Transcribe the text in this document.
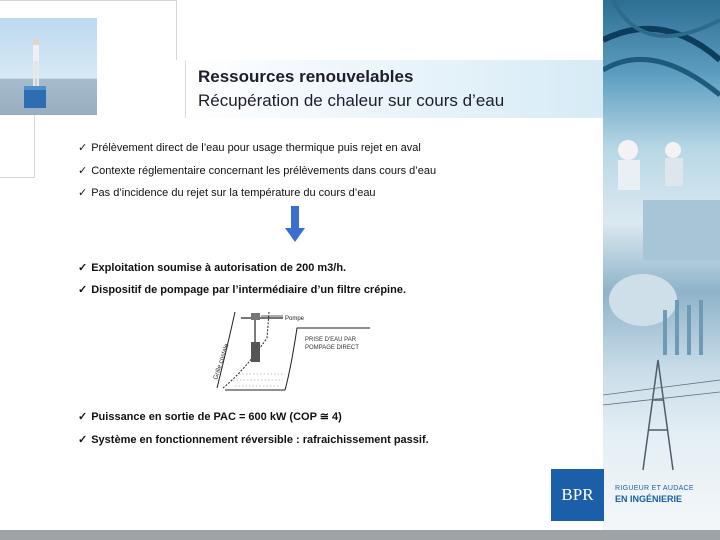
Ressources renouvelables
Récupération de chaleur sur cours d’eau
✓ Prélèvement direct de l’eau pour usage thermique puis rejet en aval
✓ Contexte réglementaire concernant les prélèvements dans cours d’eau
✓ Pas d’incidence du rejet sur la température du cours d’eau
✓ Exploitation soumise à autorisation de 200 m3/h.
✓ Dispositif de pompage par l’intermédiaire d’un filtre crépine.
Pompe
PRISE D'EAU PAR
POMPAGE DIRECT
Grille costale
✓ Puissance en sortie de PAC = 600 kW (COP ≅ 4)
✓ Système en fonctionnement réversible : rafraichissement passif.
BPR	RIGUEUR ET AUDACE
EN INGÉNIERIE
